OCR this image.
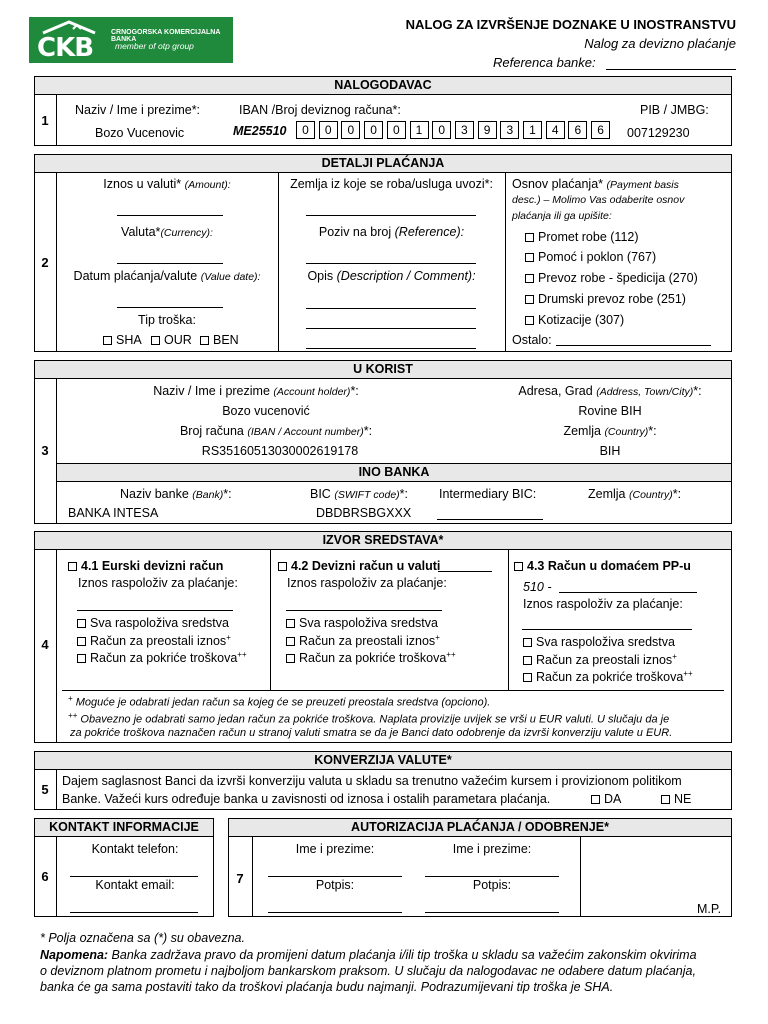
CKB
CRNOGORSKA KOMERCIJALNA BANKA
member of otp group
NALOG ZA IZVRŠENJE DOZNAKE U INOSTRANSTVU
Nalog za devizno plaćanje
Referenca banke:
NALOGODAVAC
1
Naziv / Ime i prezime*:
Bozo Vucenovic
IBAN /Broj deviznog računa*:
ME25510	0	0	0	0	0	1	0	3	9	3	1	4	6	6
PIB / JMBG:
007129230
DETALJI PLAĆANJA
2
Iznos u valuti* (Amount):
Valuta*(Currency):
Datum plaćanja/valute (Value date):
Tip troška:
SHA	OUR	BEN
Zemlja iz koje se roba/usluga uvozi*:
Poziv na broj (Reference):
Opis (Description / Comment):
Osnov plaćanja* (Payment basis
desc.) – Molimo Vas odaberite osnov
plaćanja ili ga upišite:
Promet robe (112)
Pomoć i poklon (767)
Prevoz robe - špedicija (270)
Drumski prevoz robe (251)
Kotizacije (307)
Ostalo:
U KORIST
3
Naziv / Ime i prezime (Account holder)*:
Bozo vucenović
Broj računa (IBAN / Account number)*:
RS35160513030002619178
Adresa, Grad (Address, Town/City)*:
Rovine BIH
Zemlja (Country)*:
BIH
INO BANKA
Naziv banke (Bank)*:
BANKA INTESA
BIC (SWIFT code)*:
DBDBRSBGXXX
Intermediary BIC:	Zemlja (Country)*:
IZVOR SREDSTAVA*
4
4.1 Eurski devizni račun
Iznos raspoloživ za plaćanje:
Sva raspoloživa sredstva
Račun za preostali iznos+
Račun za pokriće troškova++
4.2 Devizni račun u valuti
Iznos raspoloživ za plaćanje:
Sva raspoloživa sredstva
Račun za preostali iznos+
Račun za pokriće troškova++
4.3 Račun u domaćem PP-u
510 -
Iznos raspoloživ za plaćanje:
Sva raspoloživa sredstva
Račun za preostali iznos+
Račun za pokriće troškova++
+ Moguće je odabrati jedan račun sa kojeg će se preuzeti preostala sredstva (opciono).
++ Obavezno je odabrati samo jedan račun za pokriće troškova. Naplata provizije uvijek se vrši u EUR valuti. U slučaju da je
za pokriće troškova naznačen račun u stranoj valuti smatra se da je Banci dato odobrenje da izvrši konverziju valute u EUR.
KONVERZIJA VALUTE*
5
Dajem saglasnost Banci da izvrši konverziju valuta u skladu sa trenutno važećim kursem i provizionom politikom
Banke. Važeći kurs određuje banka u zavisnosti od iznosa i ostalih parametara plaćanja.	DA	NE
KONTAKT INFORMACIJE
6
Kontakt telefon:
Kontakt email:
AUTORIZACIJA PLAĆANJA / ODOBRENJE*
7
Ime i prezime:
Potpis:
Ime i prezime:
Potpis:
M.P.
* Polja označena sa (*) su obavezna.
Napomena: Banka zadržava pravo da promijeni datum plaćanja i/ili tip troška u skladu sa važećim zakonskim okvirima
o deviznom platnom prometu i najboljom bankarskom praksom. U slučaju da nalogodavac ne odabere datum plaćanja,
banka će ga sama postaviti tako da troškovi plaćanja budu najmanji. Podrazumijevani tip troška je SHA.
